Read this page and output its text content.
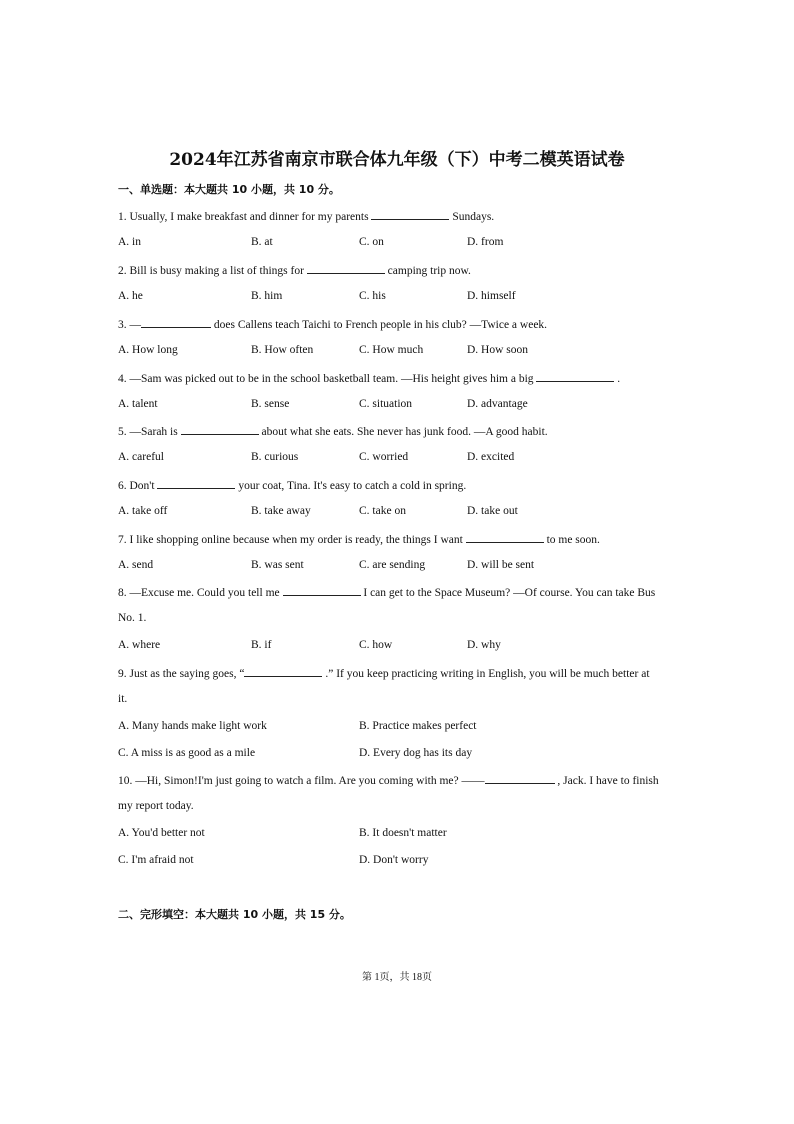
2024年江苏省南京市联合体九年级（下）中考二模英语试卷
一、单选题：本大题共 10 小题，共 10 分。
1. Usually, I make breakfast and dinner for my parents	Sundays.
A. in	B. at	C. on	D. from
2. Bill is busy making a list of things for	camping trip now.
A. he	B. him	C. his	D. himself
3. —	does Callens teach Taichi to French people in his club? —Twice a week.
A. How long	B. How often	C. How much	D. How soon
4. —Sam was picked out to be in the school basketball team. —His height gives him a big	.
A. talent	B. sense	C. situation	D. advantage
5. —Sarah is	about what she eats. She never has junk food. —A good habit.
A. careful	B. curious	C. worried	D. excited
6. Don't	your coat, Tina. It's easy to catch a cold in spring.
A. take off	B. take away	C. take on	D. take out
7. I like shopping online because when my order is ready, the things I want	to me soon.
A. send	B. was sent	C. are sending	D. will be sent
8. —Excuse me. Could you tell me	I can get to the Space Museum? —Of course. You can take Bus
No. 1.
A. where	B. if	C. how	D. why
9. Just as the saying goes, “	.” If you keep practicing writing in English, you will be much better at
it.
A. Many hands make light work	B. Practice makes perfect
C. A miss is as good as a mile	D. Every dog has its day
10. —Hi, Simon!I'm just going to watch a film. Are you coming with me? ——	, Jack. I have to finish
my report today.
A. You'd better not	B. It doesn't matter
C. I'm afraid not	D. Don't worry
二、完形填空：本大题共 10 小题，共 15 分。
第 1页，共 18页
